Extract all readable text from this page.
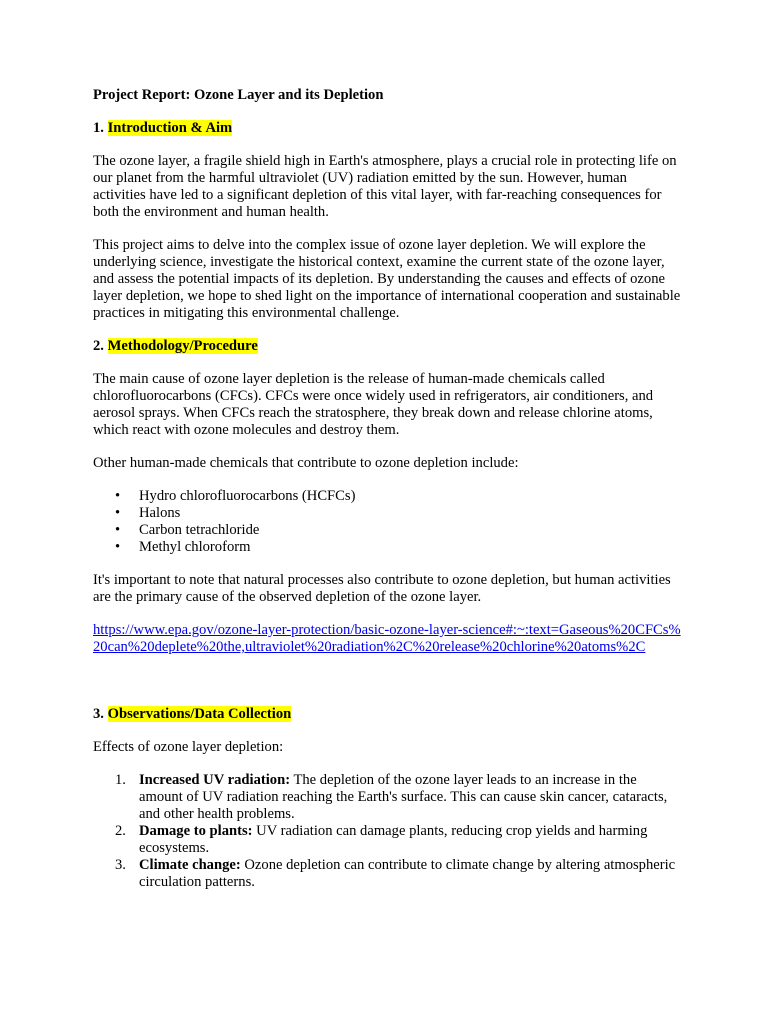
Project Report: Ozone Layer and its Depletion

1. Introduction & Aim

The ozone layer, a fragile shield high in Earth's atmosphere, plays a crucial role in protecting life on our planet from the harmful ultraviolet (UV) radiation emitted by the sun. However, human activities have led to a significant depletion of this vital layer, with far-reaching consequences for both the environment and human health.

This project aims to delve into the complex issue of ozone layer depletion. We will explore the underlying science, investigate the historical context, examine the current state of the ozone layer, and assess the potential impacts of its depletion. By understanding the causes and effects of ozone layer depletion, we hope to shed light on the importance of international cooperation and sustainable practices in mitigating this environmental challenge.

2. Methodology/Procedure

The main cause of ozone layer depletion is the release of human-made chemicals called chlorofluorocarbons (CFCs). CFCs were once widely used in refrigerators, air conditioners, and aerosol sprays. When CFCs reach the stratosphere, they break down and release chlorine atoms, which react with ozone molecules and destroy them.

Other human-made chemicals that contribute to ozone depletion include:

• Hydro chlorofluorocarbons (HCFCs)
• Halons
• Carbon tetrachloride
• Methyl chloroform

It's important to note that natural processes also contribute to ozone depletion, but human activities are the primary cause of the observed depletion of the ozone layer.

https://www.epa.gov/ozone-layer-protection/basic-ozone-layer-science#:~:text=Gaseous%20CFCs%20can%20deplete%20the,ultraviolet%20radiation%2C%20release%20chlorine%20atoms%2C

3. Observations/Data Collection

Effects of ozone layer depletion:

1. Increased UV radiation: The depletion of the ozone layer leads to an increase in the amount of UV radiation reaching the Earth's surface. This can cause skin cancer, cataracts, and other health problems.
2. Damage to plants: UV radiation can damage plants, reducing crop yields and harming ecosystems.
3. Climate change: Ozone depletion can contribute to climate change by altering atmospheric circulation patterns.
